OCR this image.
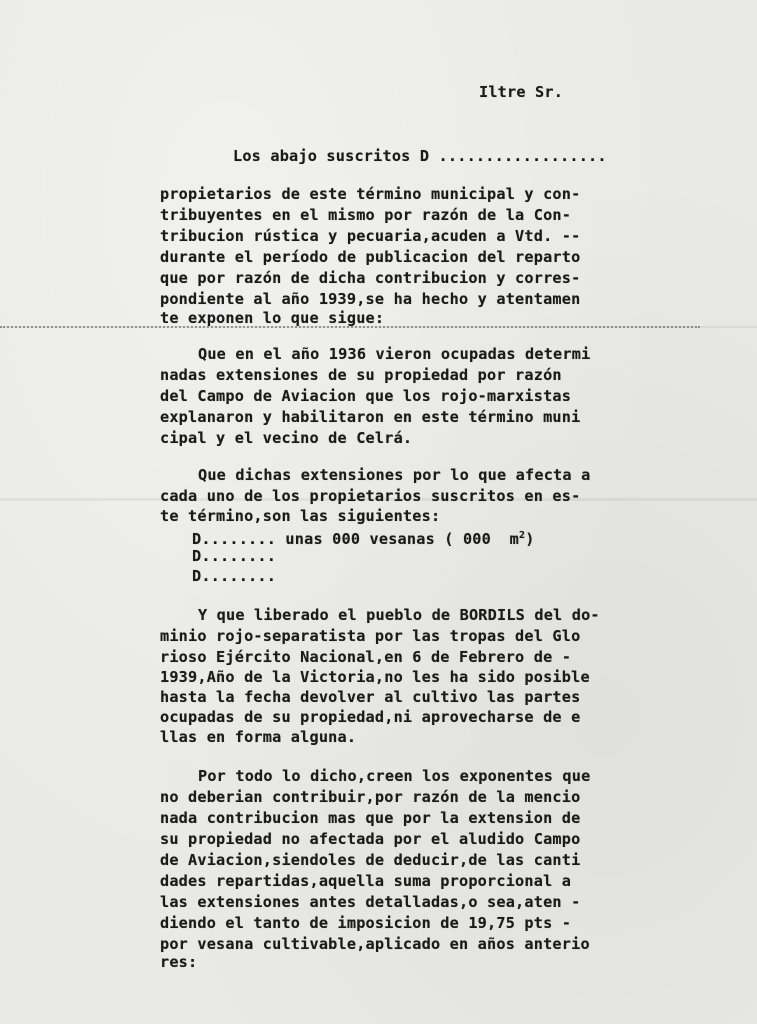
Iltre Sr.
Los abajo suscritos D ..................
propietarios de este término municipal y con-
tribuyentes en el mismo por razón de la Con-
tribucion rústica y pecuaria,acuden a Vtd. --
durante el período de publicacion del reparto
que por razón de dicha contribucion y corres-
pondiente al año 1939,se ha hecho y atentamen
te exponen lo que sigue:
Que en el año 1936 vieron ocupadas determi
nadas extensiones de su propiedad por razón
del Campo de Aviacion que los rojo-marxistas
explanaron y habilitaron en este término muni
cipal y el vecino de Celrá.
Que dichas extensiones por lo que afecta a
cada uno de los propietarios suscritos en es-
te término,son las siguientes:
D........ unas 000 vesanas ( 000  $m^2$)
D........
D........
Y que liberado el pueblo de BORDILS del do-
minio rojo-separatista por las tropas del Glo
rioso Ejército Nacional,en 6 de Febrero de -
1939,Año de la Victoria,no les ha sido posible
hasta la fecha devolver al cultivo las partes
ocupadas de su propiedad,ni aprovecharse de e
llas en forma alguna.
Por todo lo dicho,creen los exponentes que
no deberian contribuir,por razón de la mencio
nada contribucion mas que por la extension de
su propiedad no afectada por el aludido Campo
de Aviacion,siendoles de deducir,de las canti
dades repartidas,aquella suma proporcional a
las extensiones antes detalladas,o sea,aten -
diendo el tanto de imposicion de 19,75 pts -
por vesana cultivable,aplicado en años anterio
res:
